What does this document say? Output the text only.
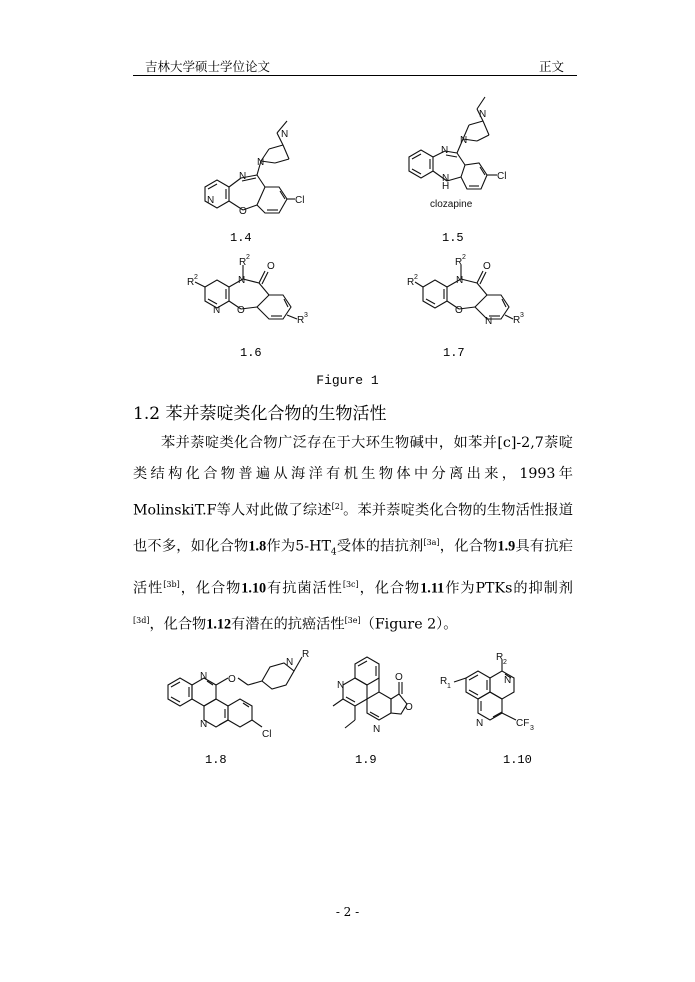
吉林大学硕士学位论文	正文
N
N
N
N
O
Cl
1.4
N
N
N
H
N	Cl
clozapine
1.5
R 2
R 2
O
N
N O
R 3
1.6
R 2
R 2
O
N
O
N R 3
1.7
Figure 1
1.2 苯并萘啶类化合物的生物活性

苯并萘啶类化合物广泛存在于大环生物碱中，如苯并[c]-2,7萘啶类结构化合物普遍从海洋有机生物体中分离出来，1993年MolinskiT.F等人对此做了综述[2]。苯并萘啶类化合物的生物活性报道也不多，如化合物1.8作为$5-HT_4$受体的拮抗剂[3a]，化合物1.9具有抗疟活性[3b]，化合物1.10有抗菌活性[3c]，化合物1.11作为PTKs的抑制剂[3d]，化合物1.12有潜在的抗癌活性[3e]（Figure 2）。

N
N
O
N
R
Cl
1.8
N
O
O
N
1.9
R 1
R 2
N
N	CF 3
1.10
- 2 -
